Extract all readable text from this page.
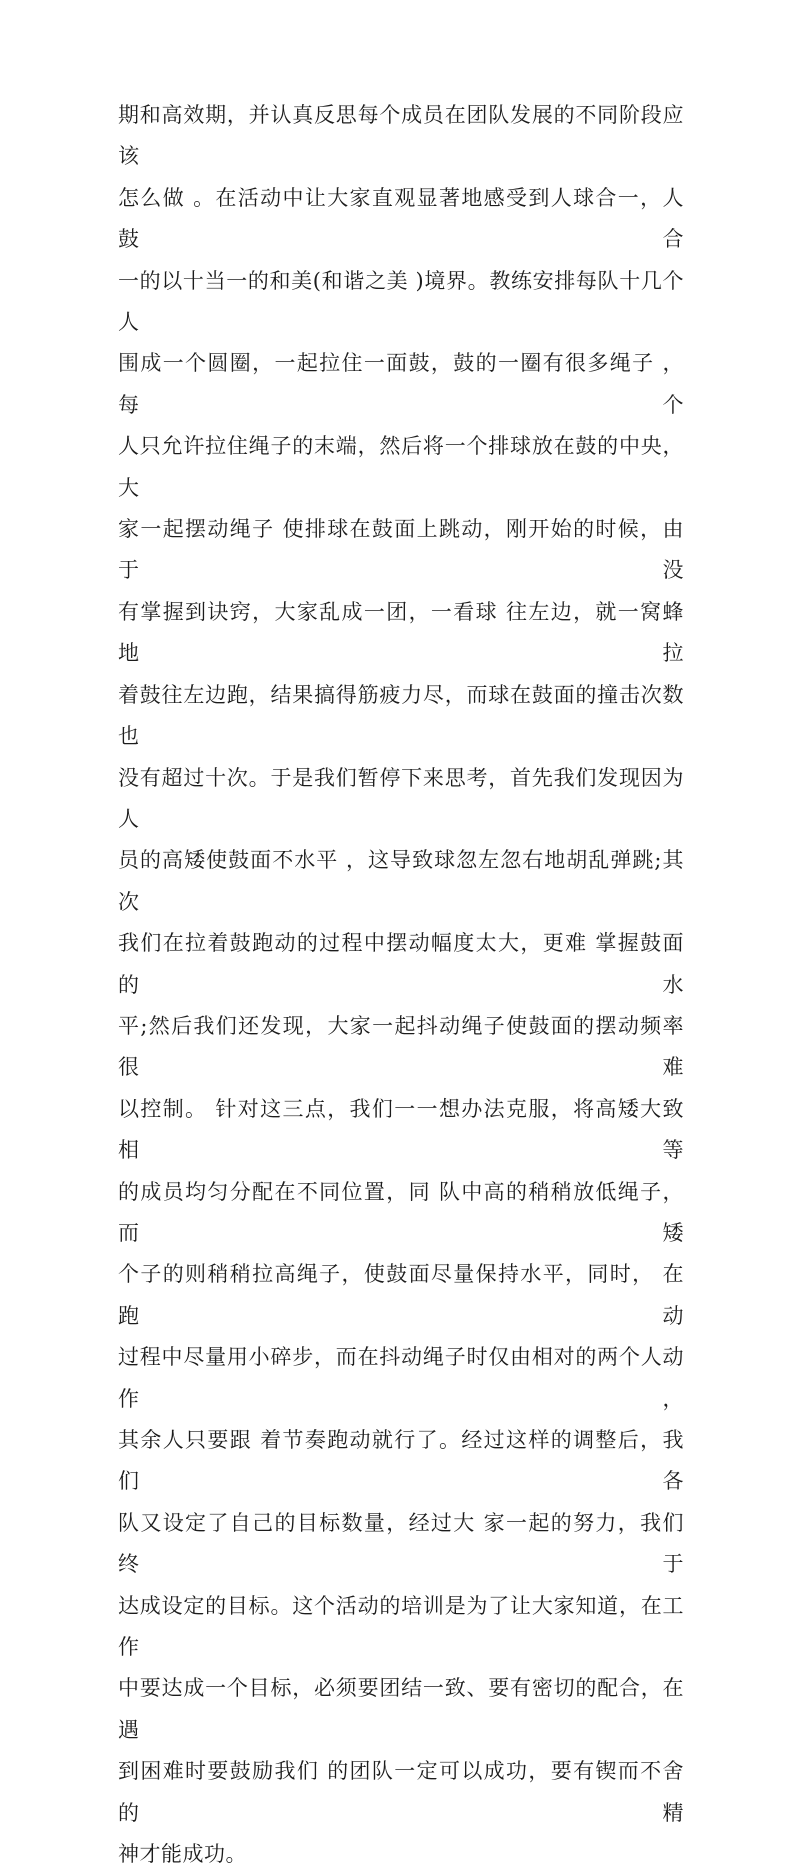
期和高效期，并认真反思每个成员在团队发展的不同阶段应该
怎么做 。在活动中让大家直观显著地感受到人球合一，人鼓合
一的以十当一的和美(和谐之美 )境界。教练安排每队十几个人
围成一个圆圈，一起拉住一面鼓，鼓的一圈有很多绳子 ，每个
人只允许拉住绳子的末端，然后将一个排球放在鼓的中央，大
家一起摆动绳子 使排球在鼓面上跳动，刚开始的时候，由于没
有掌握到诀窍，大家乱成一团，一看球 往左边，就一窝蜂地拉
着鼓往左边跑，结果搞得筋疲力尽，而球在鼓面的撞击次数也
没有超过十次。于是我们暂停下来思考，首先我们发现因为人
员的高矮使鼓面不水平 ，这导致球忽左忽右地胡乱弹跳;其次
我们在拉着鼓跑动的过程中摆动幅度太大，更难 掌握鼓面的水
平;然后我们还发现，大家一起抖动绳子使鼓面的摆动频率很难
以控制。 针对这三点，我们一一想办法克服，将高矮大致相等
的成员均匀分配在不同位置，同 队中高的稍稍放低绳子，而矮
个子的则稍稍拉高绳子，使鼓面尽量保持水平，同时， 在跑动
过程中尽量用小碎步，而在抖动绳子时仅由相对的两个人动作，
其余人只要跟 着节奏跑动就行了。经过这样的调整后，我们各
队又设定了自己的目标数量，经过大 家一起的努力，我们终于
达成设定的目标。这个活动的培训是为了让大家知道，在工 作
中要达成一个目标，必须要团结一致、要有密切的配合，在遇
到困难时要鼓励我们 的团队一定可以成功，要有锲而不舍的精
神才能成功。
